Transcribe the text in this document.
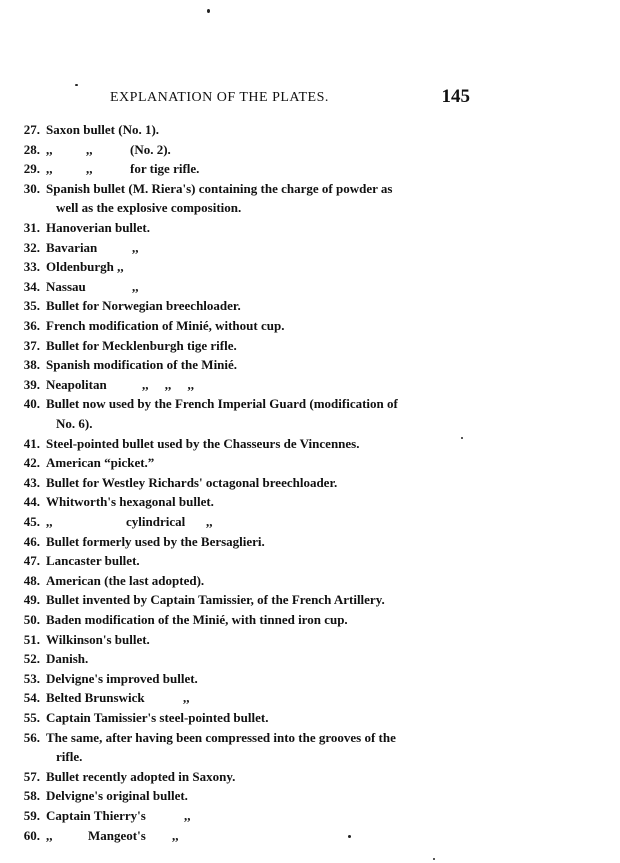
EXPLANATION OF THE PLATES.	145
27. Saxon bullet (No. 1).
28. ,,	,,	(No. 2).
29. ,,	,,	for tige rifle.
30. Spanish bullet (M. Riera's) containing the charge of powder as
well as the explosive composition.
31. Hanoverian bullet.
32. Bavarian	,,
33. Oldenburgh ,,
34. Nassau	,,
35. Bullet for Norwegian breechloader.
36. French modification of Minié, without cup.
37. Bullet for Mecklenburgh tige rifle.
38. Spanish modification of the Minié.
39. Neapolitan	,,     ,,     ,,
40. Bullet now used by the French Imperial Guard (modification of
No. 6).
41. Steel-pointed bullet used by the Chasseurs de Vincennes.
42. American “picket.”
43. Bullet for Westley Richards' octagonal breechloader.
44. Whitworth's hexagonal bullet.
45. ,,	cylindrical ,,
46. Bullet formerly used by the Bersaglieri.
47. Lancaster bullet.
48. American (the last adopted).
49. Bullet invented by Captain Tamissier, of the French Artillery.
50. Baden modification of the Minié, with tinned iron cup.
51. Wilkinson's bullet.
52. Danish.
53. Delvigne's improved bullet.
54. Belted Brunswick	,,
55. Captain Tamissier's steel-pointed bullet.
56. The same, after having been compressed into the grooves of the
rifle.
57. Bullet recently adopted in Saxony.
58. Delvigne's original bullet.
59. Captain Thierry's	,,
60. ,,	Mangeot's ,,
